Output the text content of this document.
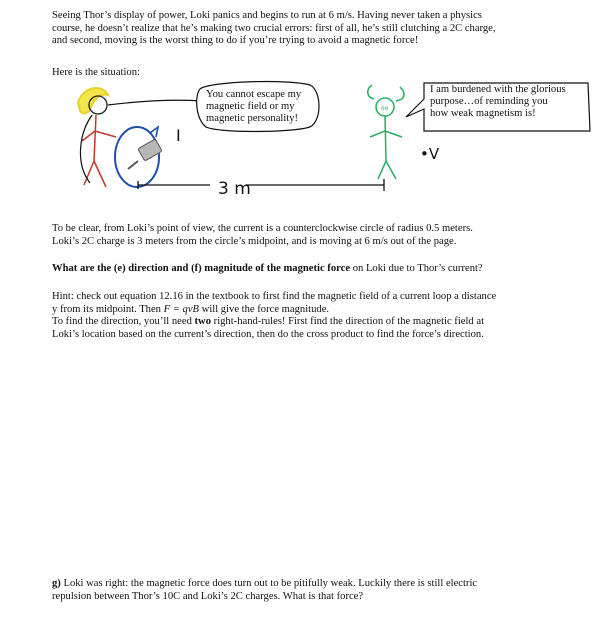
Seeing Thor’s display of power, Loki panics and begins to run at 6 m/s. Having never taken a physics
course, he doesn’t realize that he’s making two crucial errors: first of all, he’s still clutching a 2C charge,
and second, moving is the worst thing to do if you’re trying to avoid a magnetic force!
Here is the situation:
I
You cannot escape my magnetic field or my magnetic personality!
3 m
oo
I am burdened with the glorious purpose…of reminding you how weak magnetism is!
•V
To be clear, from Loki’s point of view, the current is a counterclockwise circle of radius 0.5 meters.
Loki’s 2C charge is 3 meters from the circle’s midpoint, and is moving at 6 m/s out of the page.
What are the (e) direction and (f) magnitude of the magnetic force on Loki due to Thor’s current?
Hint: check out equation 12.16 in the textbook to first find the magnetic field of a current loop a distance
y from its midpoint. Then F = qvB will give the force magnitude.
To find the direction, you’ll need two right-hand-rules! First find the direction of the magnetic field at
Loki’s location based on the current’s direction, then do the cross product to find the force’s direction.
g) Loki was right: the magnetic force does turn out to be pitifully weak. Luckily there is still electric
repulsion between Thor’s 10C and Loki’s 2C charges. What is that force?
